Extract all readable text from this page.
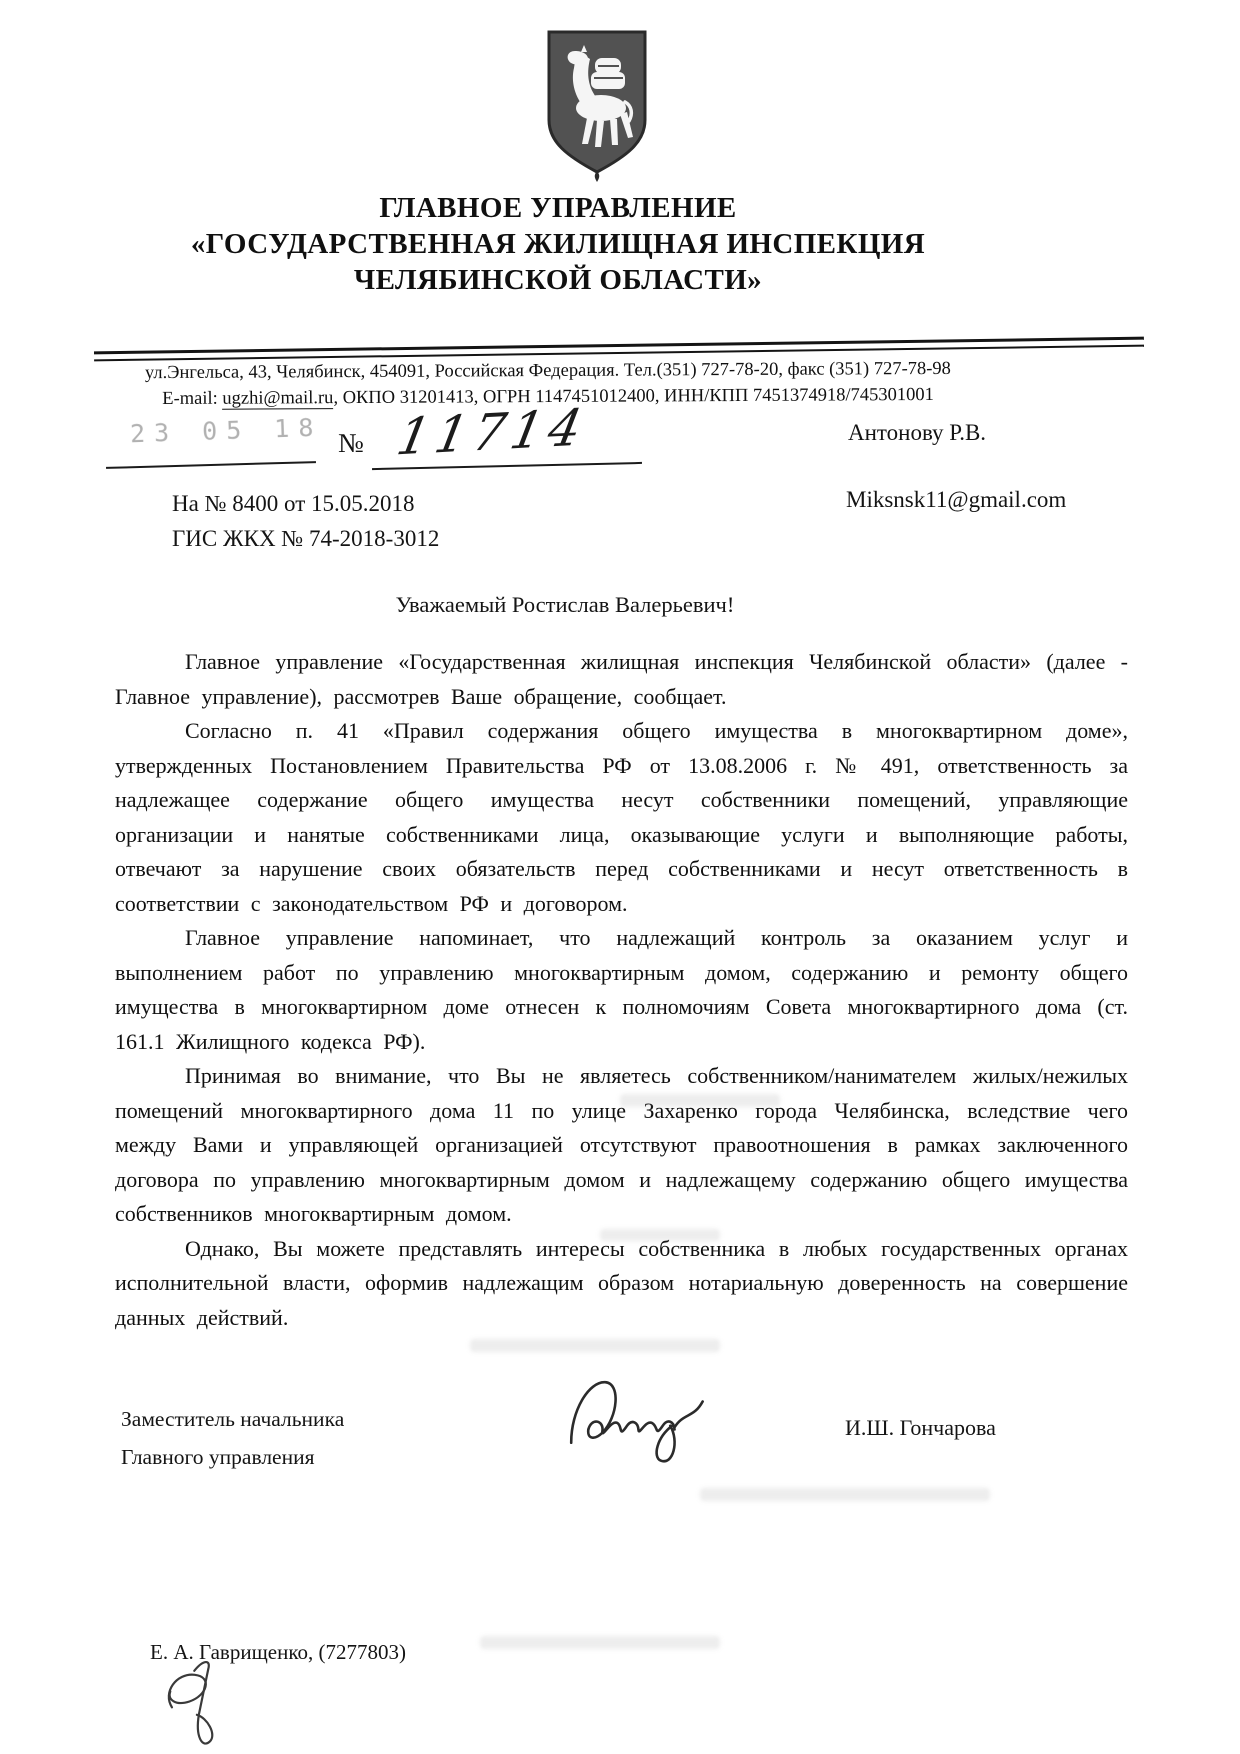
ГЛАВНОЕ УПРАВЛЕНИЕ
«ГОСУДАРСТВЕННАЯ ЖИЛИЩНАЯ ИНСПЕКЦИЯ
ЧЕЛЯБИНСКОЙ ОБЛАСТИ»
ул.Энгельса, 43, Челябинск, 454091, Российская Федерация. Тел.(351) 727-78-20, факс (351) 727-78-98
E-mail: ugzhi@mail.ru, ОКПО 31201413, ОГРН 1147451012400, ИНН/КПП 7451374918/745301001
23 05 18 № 11714	Антонову Р.В.
Miksnsk11@gmail.com
На № 8400 от 15.05.2018
ГИС ЖКХ № 74-2018-3012
Уважаемый Ростислав Валерьевич!

Главное управление «Государственная жилищная инспекция Челябинской области» (далее - Главное управление), рассмотрев Ваше обращение, сообщает.

Согласно п. 41 «Правил содержания общего имущества в многоквартирном доме», утвержденных Постановлением Правительства РФ от 13.08.2006 г. № 491, ответственность за надлежащее содержание общего имущества несут собственники помещений, управляющие организации и нанятые собственниками лица, оказывающие услуги и выполняющие работы, отвечают за нарушение своих обязательств перед собственниками и несут ответственность в соответствии с законодательством РФ и договором.

Главное управление напоминает, что надлежащий контроль за оказанием услуг и выполнением работ по управлению многоквартирным домом, содержанию и ремонту общего имущества в многоквартирном доме отнесен к полномочиям Совета многоквартирного дома (ст. 161.1 Жилищного кодекса РФ).

Принимая во внимание, что Вы не являетесь собственником/нанимателем жилых/нежилых помещений многоквартирного дома 11 по улице Захаренко города Челябинска, вследствие чего между Вами и управляющей организацией отсутствуют правоотношения в рамках заключенного договора по управлению многоквартирным домом и надлежащему содержанию общего имущества собственников многоквартирным домом.

Однако, Вы можете представлять интересы собственника в любых государственных органах исполнительной власти, оформив надлежащим образом нотариальную доверенность на совершение данных действий.

Заместитель начальника
Главного управления
И.Ш. Гончарова
Е. А. Гаврищенко, (7277803)
